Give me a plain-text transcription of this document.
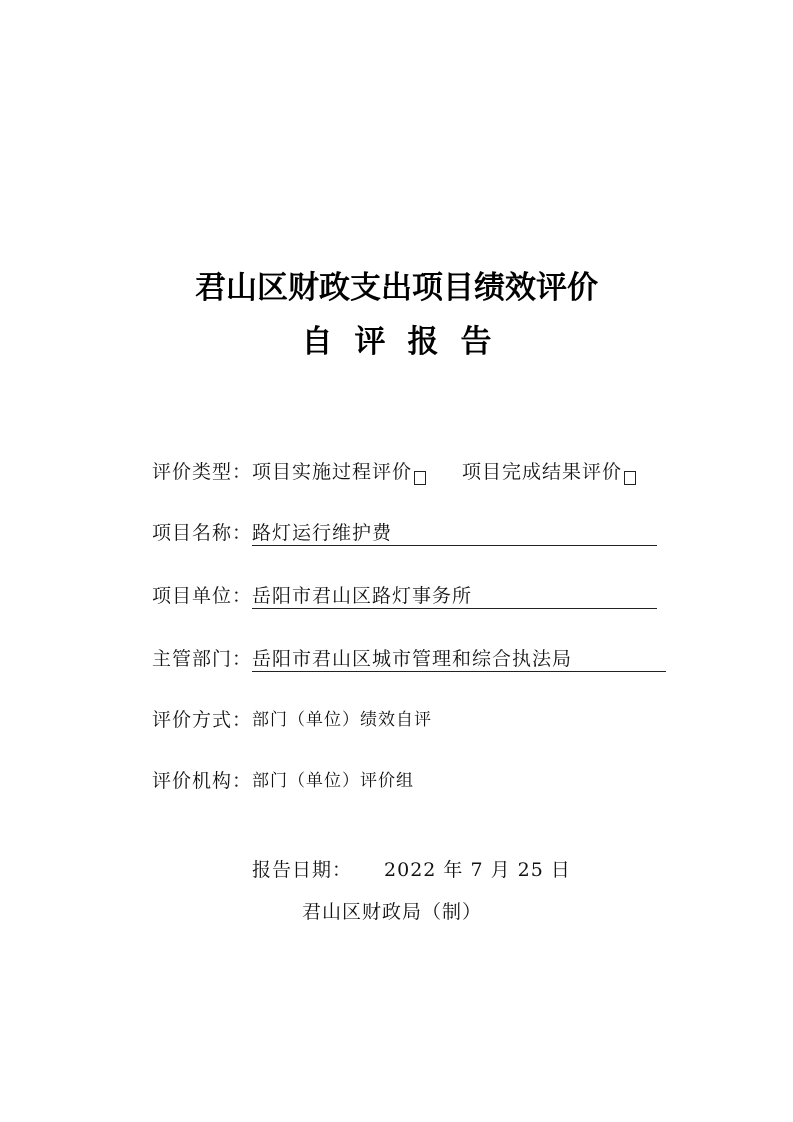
君山区财政支出项目绩效评价
自评报告
评价类型： 项目实施过程评价	项目完成结果评价
项目名称： 路灯运行维护费
项目单位： 岳阳市君山区路灯事务所
主管部门： 岳阳市君山区城市管理和综合执法局
评价方式： 部门（单位）绩效自评
评价机构： 部门（单位）评价组
报告日期： 2022 年 7 月 25 日
君山区财政局（制）
